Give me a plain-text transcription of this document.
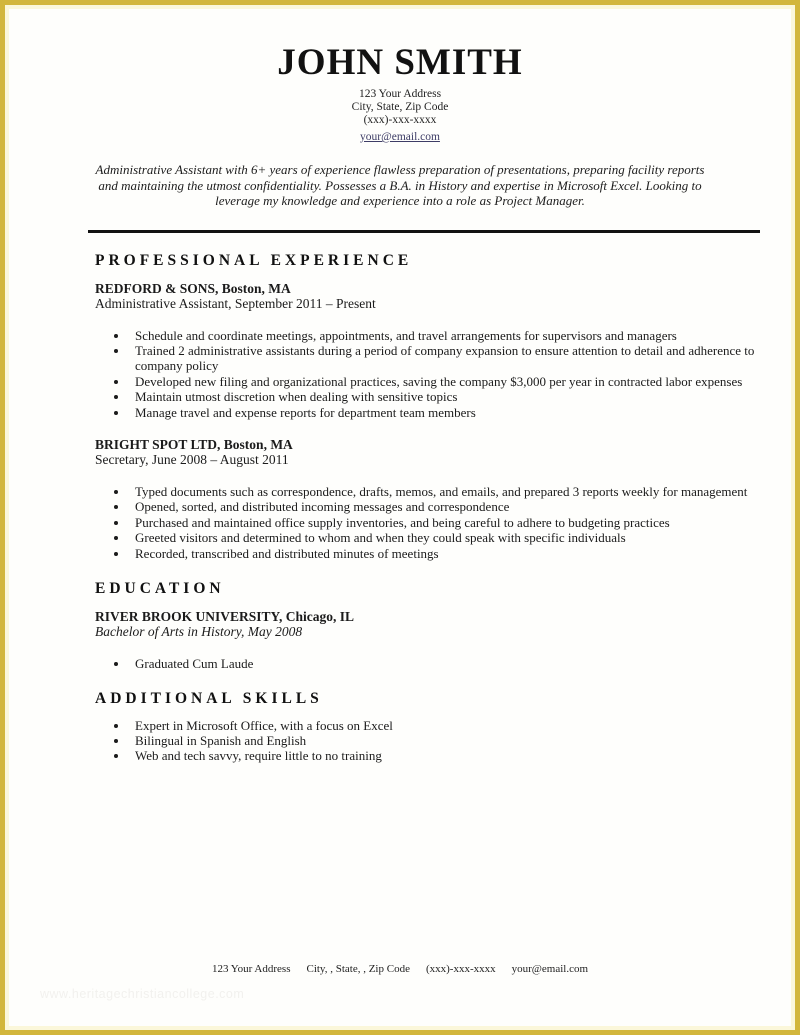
JOHN SMITH
123 Your Address
City, State, Zip Code
(xxx)-xxx-xxxx
your@email.com

Administrative Assistant with 6+ years of experience flawless preparation of presentations, preparing facility reports and maintaining the utmost confidentiality. Possesses a B.A. in History and expertise in Microsoft Excel. Looking to leverage my knowledge and experience into a role as Project Manager.

PROFESSIONAL EXPERIENCE
REDFORD & SONS, Boston, MA
Administrative Assistant, September 2011 – Present
• Schedule and coordinate meetings, appointments, and travel arrangements for supervisors and managers
• Trained 2 administrative assistants during a period of company expansion to ensure attention to detail and adherence to company policy
• Developed new filing and organizational practices, saving the company $3,000 per year in contracted labor expenses
• Maintain utmost discretion when dealing with sensitive topics
• Manage travel and expense reports for department team members
BRIGHT SPOT LTD, Boston, MA
Secretary, June 2008 – August 2011
• Typed documents such as correspondence, drafts, memos, and emails, and prepared 3 reports weekly for management
• Opened, sorted, and distributed incoming messages and correspondence
• Purchased and maintained office supply inventories, and being careful to adhere to budgeting practices
• Greeted visitors and determined to whom and when they could speak with specific individuals
• Recorded, transcribed and distributed minutes of meetings
EDUCATION
RIVER BROOK UNIVERSITY, Chicago, IL
Bachelor of Arts in History, May 2008
• Graduated Cum Laude
ADDITIONAL SKILLS
• Expert in Microsoft Office, with a focus on Excel
• Bilingual in Spanish and English
• Web and tech savvy, require little to no training
123 Your Address City, , State, , Zip Code (xxx)-xxx-xxxx your@email.com
www.heritagechristiancollege.com
